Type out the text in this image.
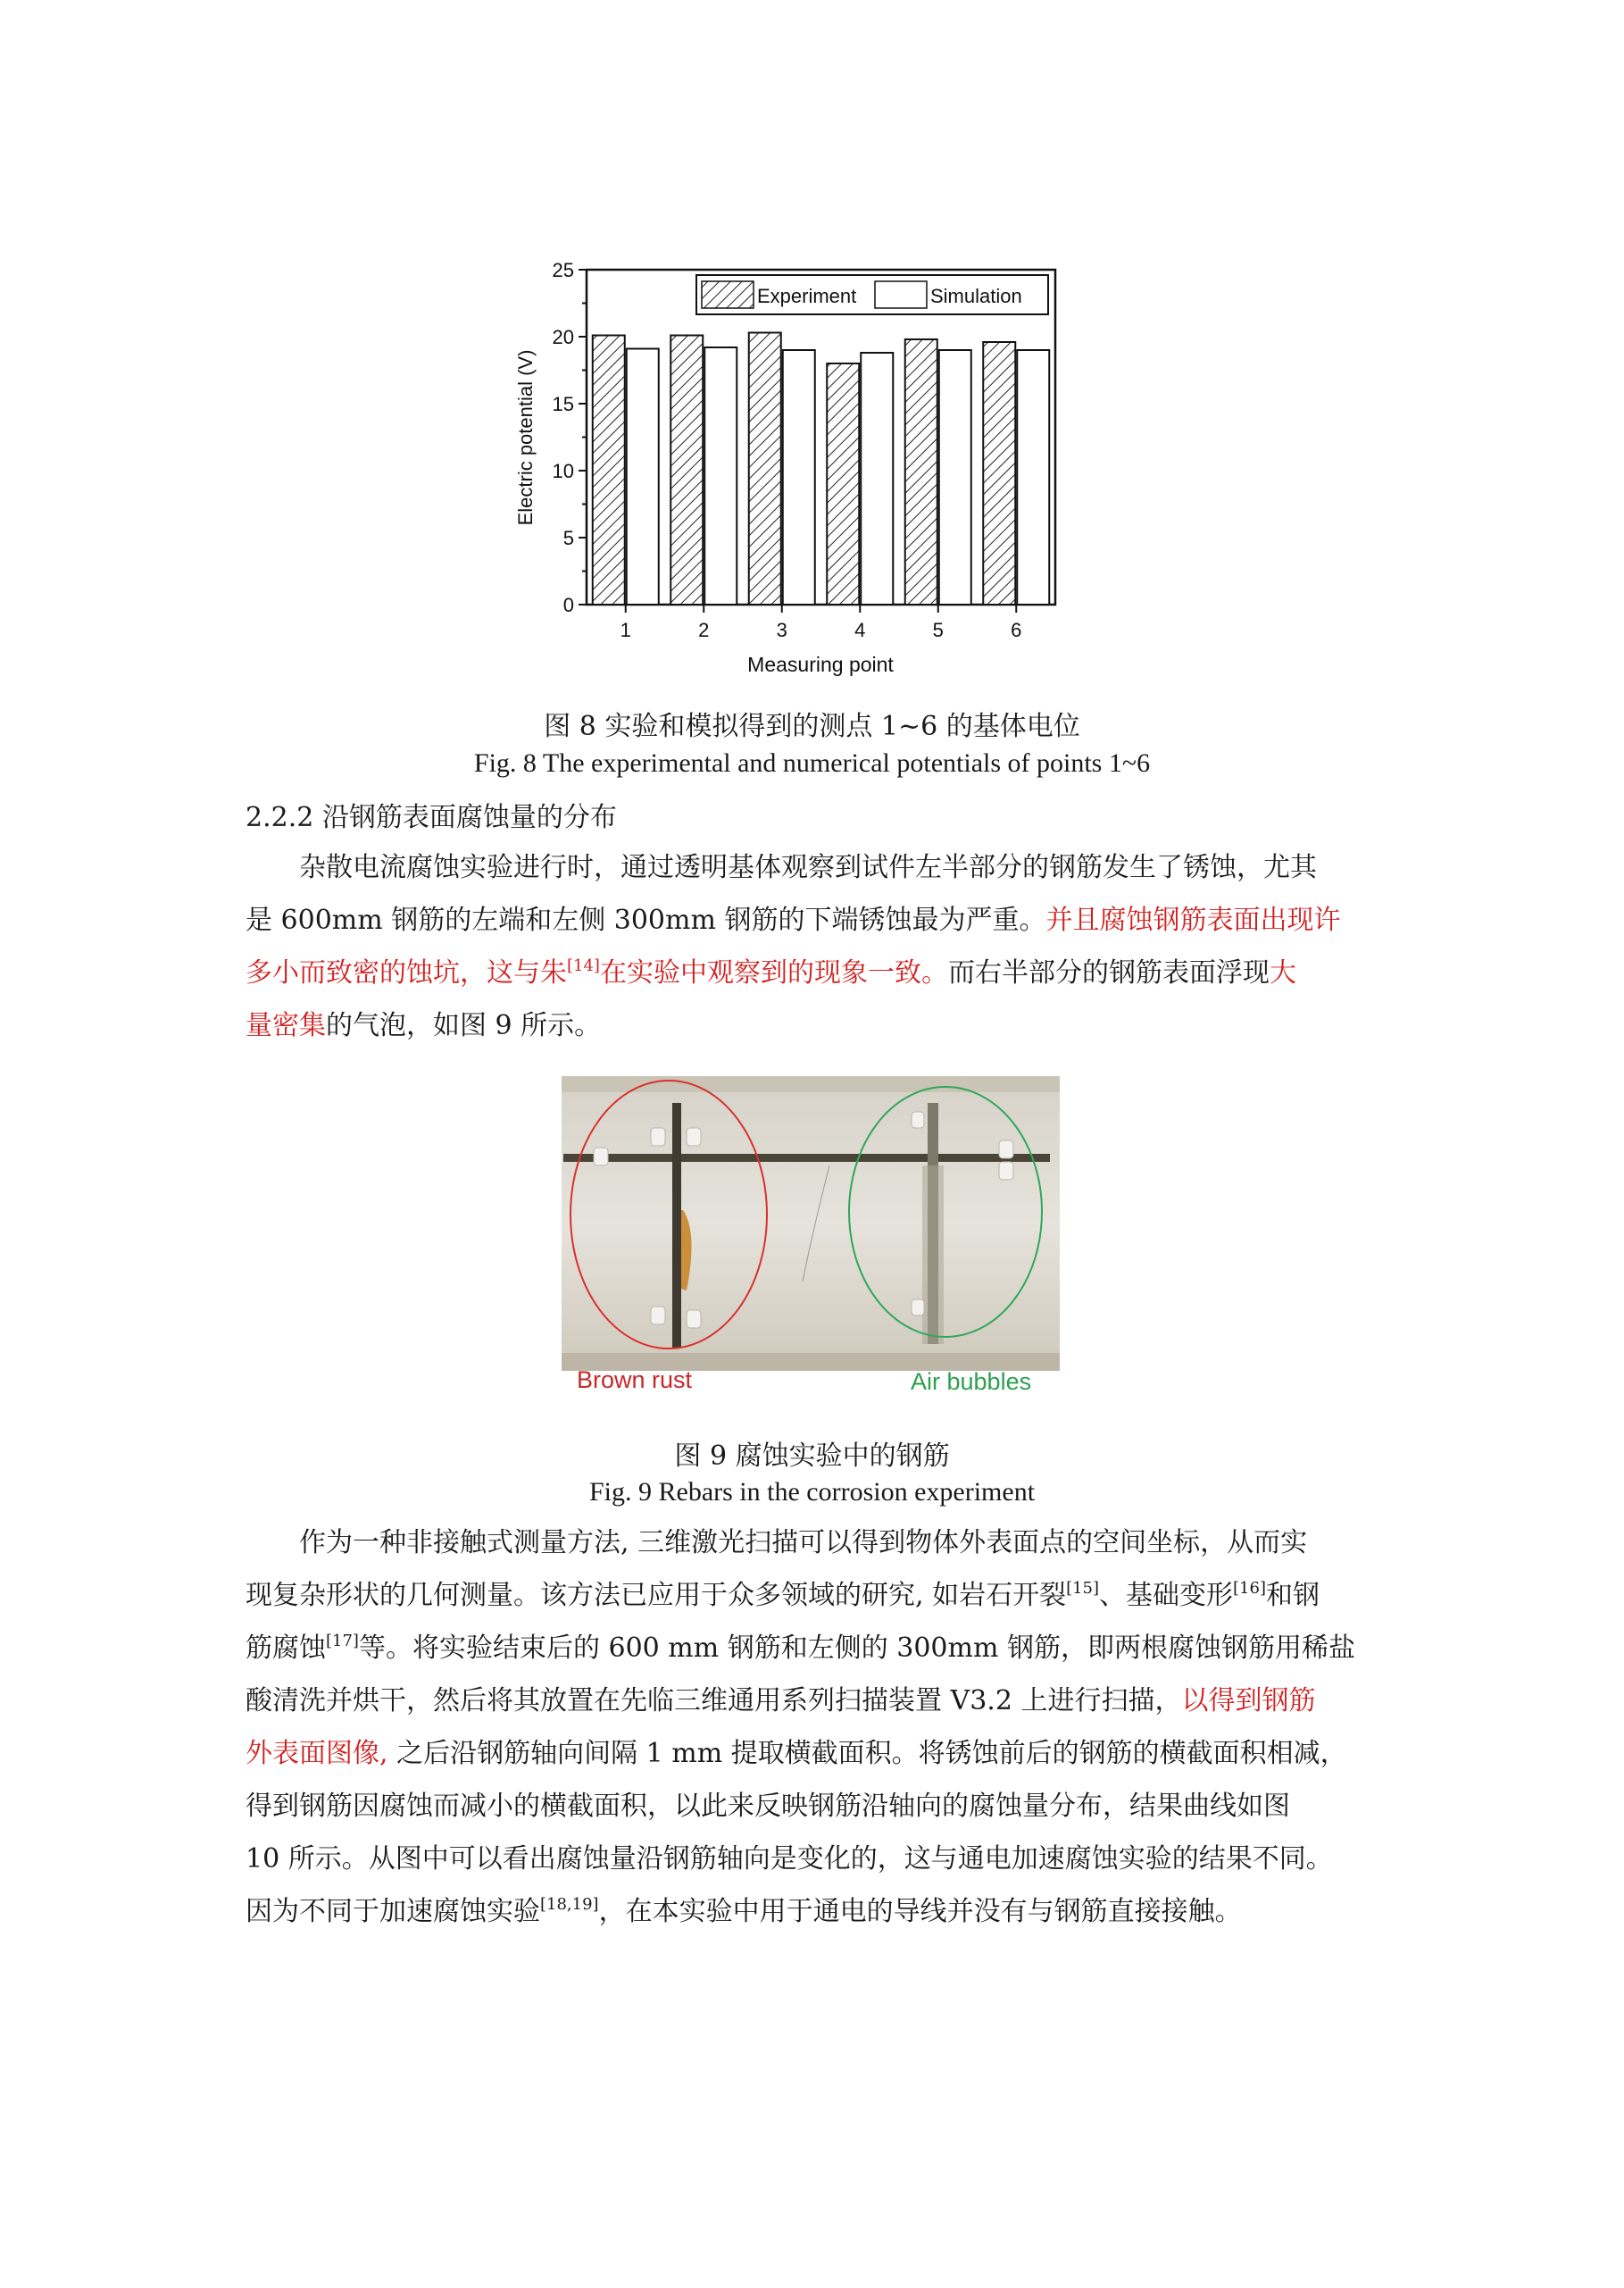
0
5
10
15
20
25
1	2	3	4	5	6
Electric potential (V)
Measuring point
Experiment	Simulation
图 8 实验和模拟得到的测点 1~6 的基体电位
Fig. 8 The experimental and numerical potentials of points 1~6
2.2.2 沿钢筋表面腐蚀量的分布
杂散电流腐蚀实验进行时，通过透明基体观察到试件左半部分的钢筋发生了锈蚀，尤其
是 600mm 钢筋的左端和左侧 300mm 钢筋的下端锈蚀最为严重。并且腐蚀钢筋表面出现许
多小而致密的蚀坑，这与朱[14]在实验中观察到的现象一致。而右半部分的钢筋表面浮现大
量密集的气泡，如图 9 所示。
Brown rust	Air bubbles
图 9 腐蚀实验中的钢筋
Fig. 9 Rebars in the corrosion experiment
作为一种非接触式测量方法, 三维激光扫描可以得到物体外表面点的空间坐标，从而实
现复杂形状的几何测量。该方法已应用于众多领域的研究, 如岩石开裂[15]、基础变形[16]和钢
筋腐蚀[17]等。将实验结束后的 600 mm 钢筋和左侧的 300mm 钢筋，即两根腐蚀钢筋用稀盐
酸清洗并烘干，然后将其放置在先临三维通用系列扫描装置 V3.2 上进行扫描，以得到钢筋
外表面图像, 之后沿钢筋轴向间隔 1 mm 提取横截面积。将锈蚀前后的钢筋的横截面积相减，
得到钢筋因腐蚀而减小的横截面积，以此来反映钢筋沿轴向的腐蚀量分布，结果曲线如图
10 所示。从图中可以看出腐蚀量沿钢筋轴向是变化的，这与通电加速腐蚀实验的结果不同。
因为不同于加速腐蚀实验[18,19]，在本实验中用于通电的导线并没有与钢筋直接接触。
